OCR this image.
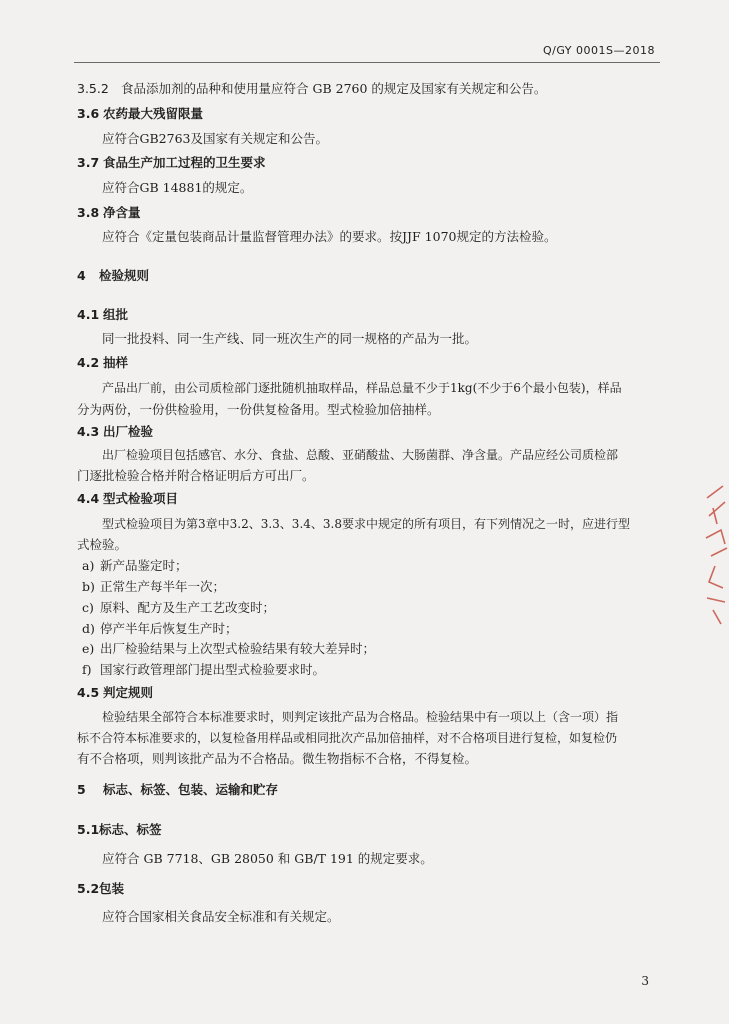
Q/GY 0001S—2018
3.5.2 食品添加剂的品种和使用量应符合 GB 2760 的规定及国家有关规定和公告。
3.6 农药最大残留限量
应符合GB2763及国家有关规定和公告。
3.7 食品生产加工过程的卫生要求
应符合GB 14881的规定。
3.8 净含量
应符合《定量包装商品计量监督管理办法》的要求。按JJF 1070规定的方法检验。
4 检验规则
4.1 组批
同一批投料、同一生产线、同一班次生产的同一规格的产品为一批。
4.2 抽样
产品出厂前，由公司质检部门逐批随机抽取样品，样品总量不少于1kg(不少于6个最小包装)，样品
分为两份，一份供检验用，一份供复检备用。型式检验加倍抽样。
4.3 出厂检验
出厂检验项目包括感官、水分、食盐、总酸、亚硝酸盐、大肠菌群、净含量。产品应经公司质检部
门逐批检验合格并附合格证明后方可出厂。
4.4 型式检验项目
型式检验项目为第3章中3.2、3.3、3.4、3.8要求中规定的所有项目，有下列情况之一时，应进行型
式检验。
a) 新产品鉴定时；
b) 正常生产每半年一次；
c) 原料、配方及生产工艺改变时；
d) 停产半年后恢复生产时；
e) 出厂检验结果与上次型式检验结果有较大差异时；
f) 国家行政管理部门提出型式检验要求时。
4.5 判定规则
检验结果全部符合本标准要求时，则判定该批产品为合格品。检验结果中有一项以上（含一项）指
标不合符本标准要求的，以复检备用样品或相同批次产品加倍抽样，对不合格项目进行复检，如复检仍
有不合格项，则判该批产品为不合格品。微生物指标不合格，不得复检。
5 标志、标签、包装、运输和贮存
5.1标志、标签
应符合 GB 7718、GB 28050 和 GB/T 191 的规定要求。
5.2包装
应符合国家相关食品安全标准和有关规定。
3
